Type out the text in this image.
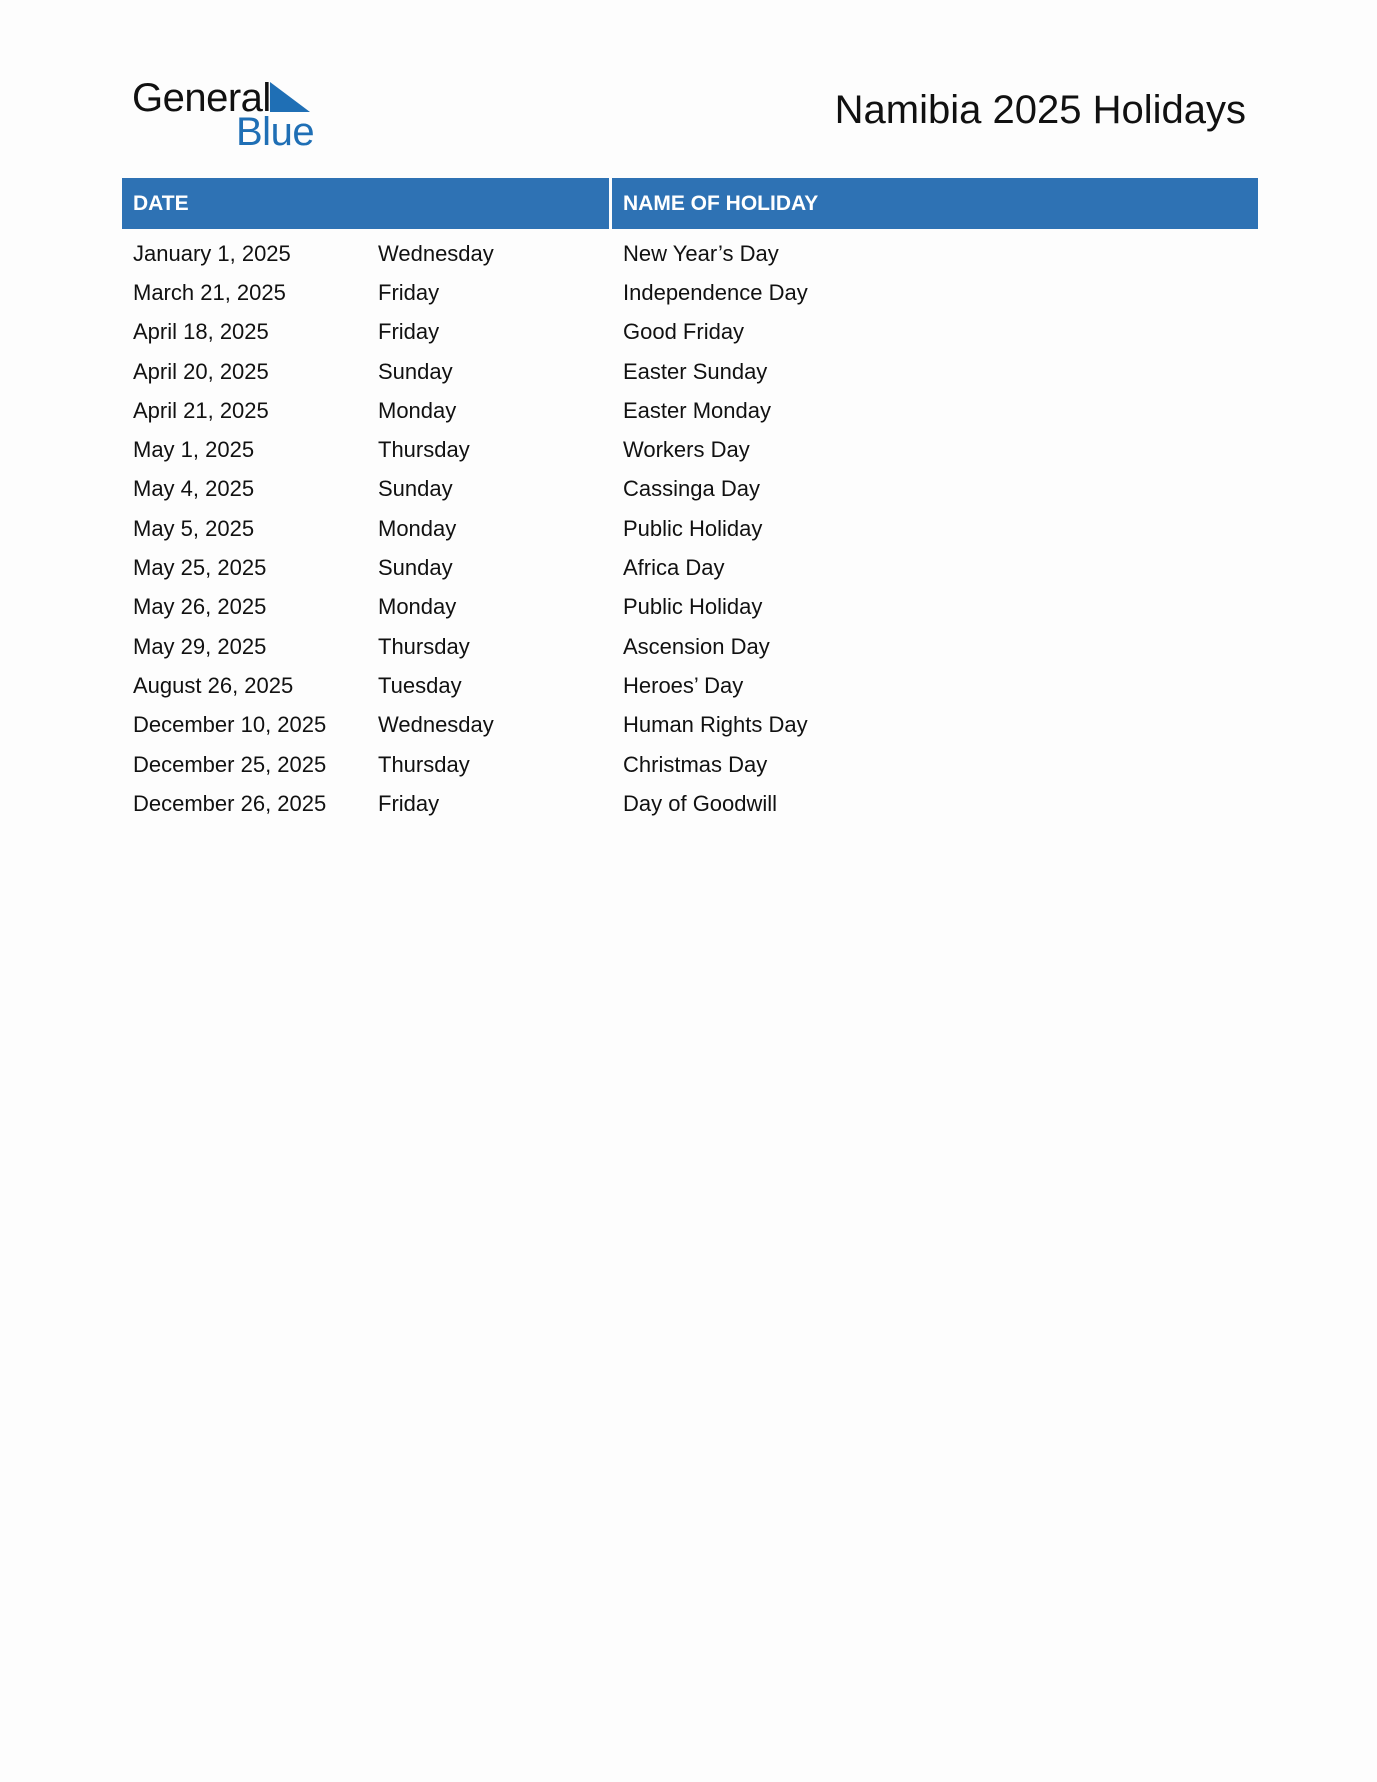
General
Blue	Namibia 2025 Holidays
DATE	NAME OF HOLIDAY
January 1, 2025	Wednesday	New Year’s Day
March 21, 2025	Friday	Independence Day
April 18, 2025	Friday	Good Friday
April 20, 2025	Sunday	Easter Sunday
April 21, 2025	Monday	Easter Monday
May 1, 2025	Thursday	Workers Day
May 4, 2025	Sunday	Cassinga Day
May 5, 2025	Monday	Public Holiday
May 25, 2025	Sunday	Africa Day
May 26, 2025	Monday	Public Holiday
May 29, 2025	Thursday	Ascension Day
August 26, 2025	Tuesday	Heroes’ Day
December 10, 2025	Wednesday	Human Rights Day
December 25, 2025	Thursday	Christmas Day
December 26, 2025	Friday	Day of Goodwill
